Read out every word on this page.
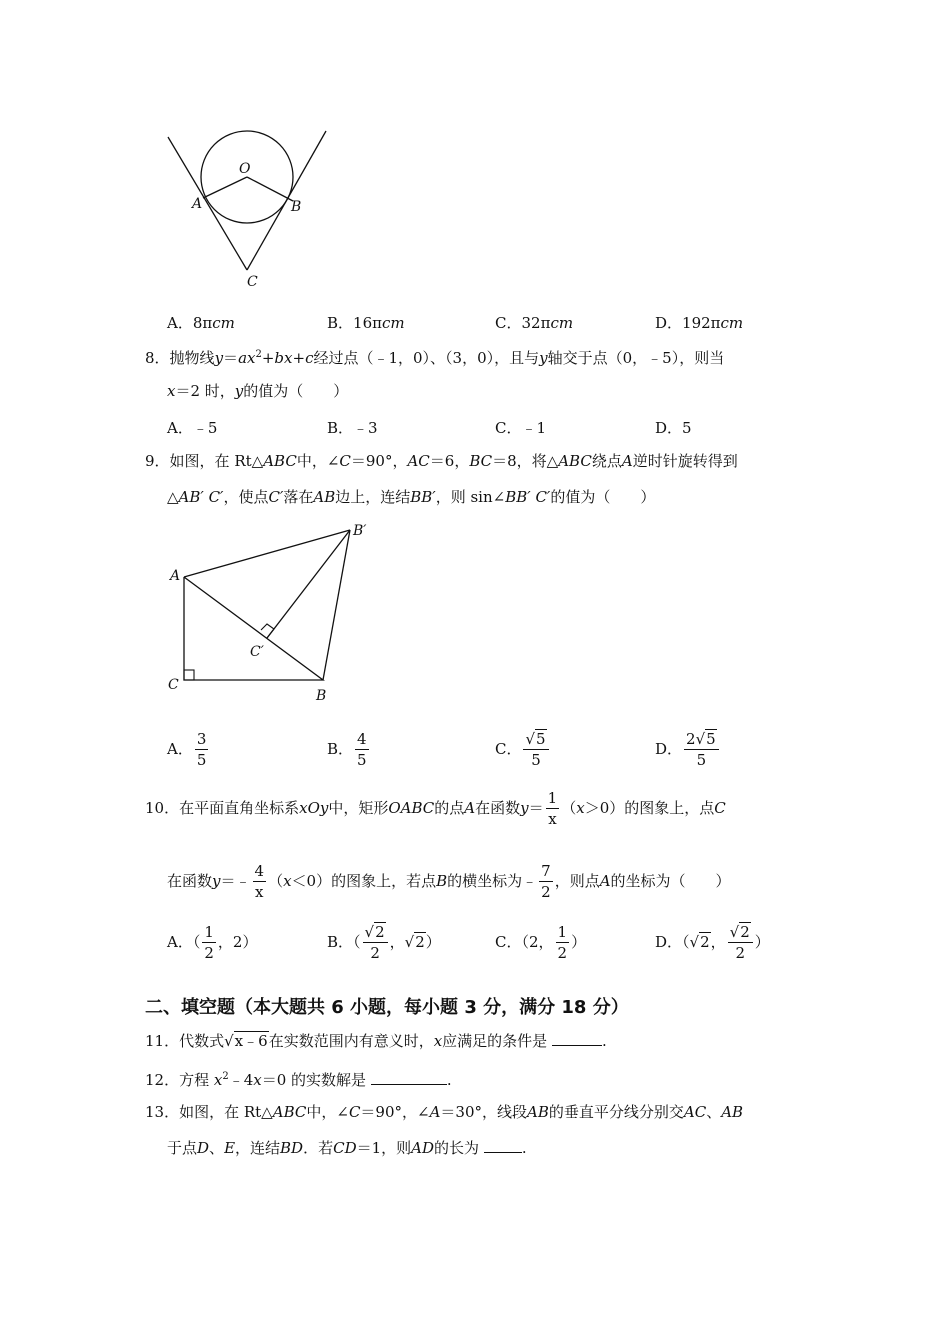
O
A	B
C
A．8πcm	B．16πcm	C．32πcm	D．192πcm
8．抛物线$y=ax^2+bx+c$经过点（﹣1，0）、（3，0），且与y轴交于点（0，﹣5），则当
x＝2 时，y的值为（　　）
A．﹣5	B．﹣3	C．﹣1	D．5
9．如图，在 Rt△ABC中，∠C＝90°，AC＝6，BC＝8，将△ABC绕点A逆时针旋转得到
△AB′ C′，使点C′落在AB边上，连结BB′，则 sin∠BB′ C′的值为（　　）
B′
A
C′
C
B
A． $\frac{3}{5}$	B． $\frac{4}{5}$	C． $\frac{√5}{5}$	D． $\frac{2√5}{5}$
10．在平面直角坐标系xOy中，矩形OABC的点A在函数$y= \frac{1}{x} (x>0)$的图象上，点C
在函数y＝﹣ $\frac{4}{x} (x<0)$的图象上，若点B的横坐标为﹣ $\frac{7}{2}$ ，则点A的坐标为（　　）
A．（ $\frac{1}{2}$ ，2）	B．（ $\frac{√2}{2}$ ，√2）	C．（2， $\frac{1}{2}$ ）	D．（√2， $\frac{√2}{2}$ ）
二、填空题（本大题共 6 小题，每小题 3 分，满分 18 分）
11．代数式√x﹣6在实数范围内有意义时，x应满足的条件是	.
12．方程 $x^2﹣4x=0$ 的实数解是	.
13．如图，在 Rt△ABC中，∠C＝90°，∠A＝30°，线段AB的垂直平分线分别交AC、AB
于点D、E，连结BD．若CD＝1，则AD的长为	.
